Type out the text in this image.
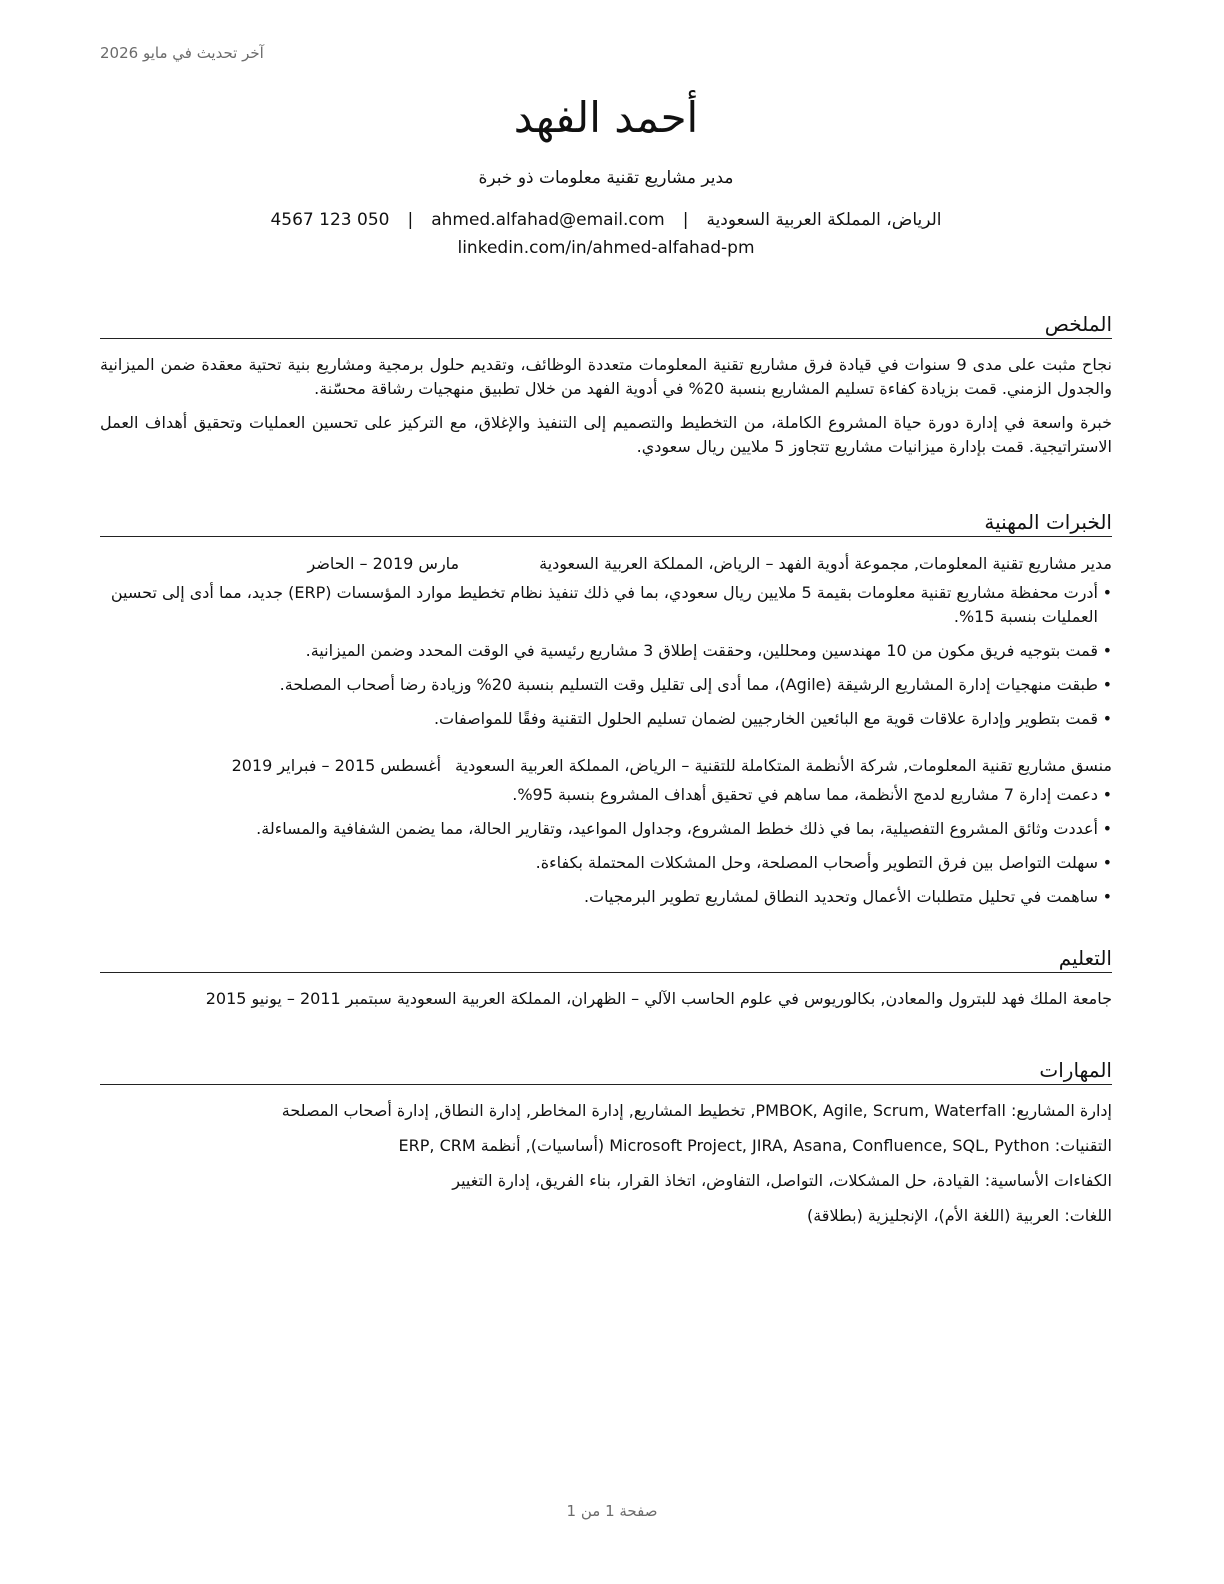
آخر تحديث في مايو 2026
أحمد الفهد
مدير مشاريع تقنية معلومات ذو خبرة
050 123 4567 | ahmed.alfahad@email.com | الرياض، المملكة العربية السعودية
linkedin.com/in/ahmed-alfahad-pm
الملخص

نجاح مثبت على مدى 9 سنوات في قيادة فرق مشاريع تقنية المعلومات متعددة الوظائف، وتقديم حلول برمجية ومشاريع بنية تحتية معقدة ضمن الميزانية والجدول الزمني. قمت بزيادة كفاءة تسليم المشاريع بنسبة 20% في أدوية الفهد من خلال تطبيق منهجيات رشاقة محسّنة.

خبرة واسعة في إدارة دورة حياة المشروع الكاملة، من التخطيط والتصميم إلى التنفيذ والإغلاق، مع التركيز على تحسين العمليات وتحقيق أهداف العمل الاستراتيجية. قمت بإدارة ميزانيات مشاريع تتجاوز 5 ملايين ريال سعودي.

الخبرات المهنية
مدير مشاريع تقنية المعلومات, مجموعة أدوية الفهد – الرياض، المملكة العربية السعودية
مارس 2019 – الحاضر
• أدرت محفظة مشاريع تقنية معلومات بقيمة 5 ملايين ريال سعودي، بما في ذلك تنفيذ نظام تخطيط موارد المؤسسات (ERP) جديد، مما أدى إلى تحسين العمليات بنسبة 15%.
• قمت بتوجيه فريق مكون من 10 مهندسين ومحللين، وحققت إطلاق 3 مشاريع رئيسية في الوقت المحدد وضمن الميزانية.
• طبقت منهجيات إدارة المشاريع الرشيقة (Agile)، مما أدى إلى تقليل وقت التسليم بنسبة 20% وزيادة رضا أصحاب المصلحة.
• قمت بتطوير وإدارة علاقات قوية مع البائعين الخارجيين لضمان تسليم الحلول التقنية وفقًا للمواصفات.
منسق مشاريع تقنية المعلومات, شركة الأنظمة المتكاملة للتقنية – الرياض، المملكة العربية السعودية
أغسطس 2015 – فبراير 2019
• دعمت إدارة 7 مشاريع لدمج الأنظمة، مما ساهم في تحقيق أهداف المشروع بنسبة 95%.
• أعددت وثائق المشروع التفصيلية، بما في ذلك خطط المشروع، وجداول المواعيد، وتقارير الحالة، مما يضمن الشفافية والمساءلة.
• سهلت التواصل بين فرق التطوير وأصحاب المصلحة، وحل المشكلات المحتملة بكفاءة.
• ساهمت في تحليل متطلبات الأعمال وتحديد النطاق لمشاريع تطوير البرمجيات.
التعليم

جامعة الملك فهد للبترول والمعادن, بكالوريوس في علوم الحاسب الآلي – الظهران، المملكة العربية السعودية سبتمبر 2011 – يونيو 2015

المهارات

إدارة المشاريع: PMBOK, Agile, Scrum, Waterfall, تخطيط المشاريع, إدارة المخاطر, إدارة النطاق, إدارة أصحاب المصلحة

التقنيات: Microsoft Project, JIRA, Asana, Confluence, SQL, Python (أساسيات), أنظمة ERP, CRM

الكفاءات الأساسية: القيادة، حل المشكلات، التواصل، التفاوض، اتخاذ القرار، بناء الفريق، إدارة التغيير

اللغات: العربية (اللغة الأم)، الإنجليزية (بطلاقة)

صفحة 1 من 1
